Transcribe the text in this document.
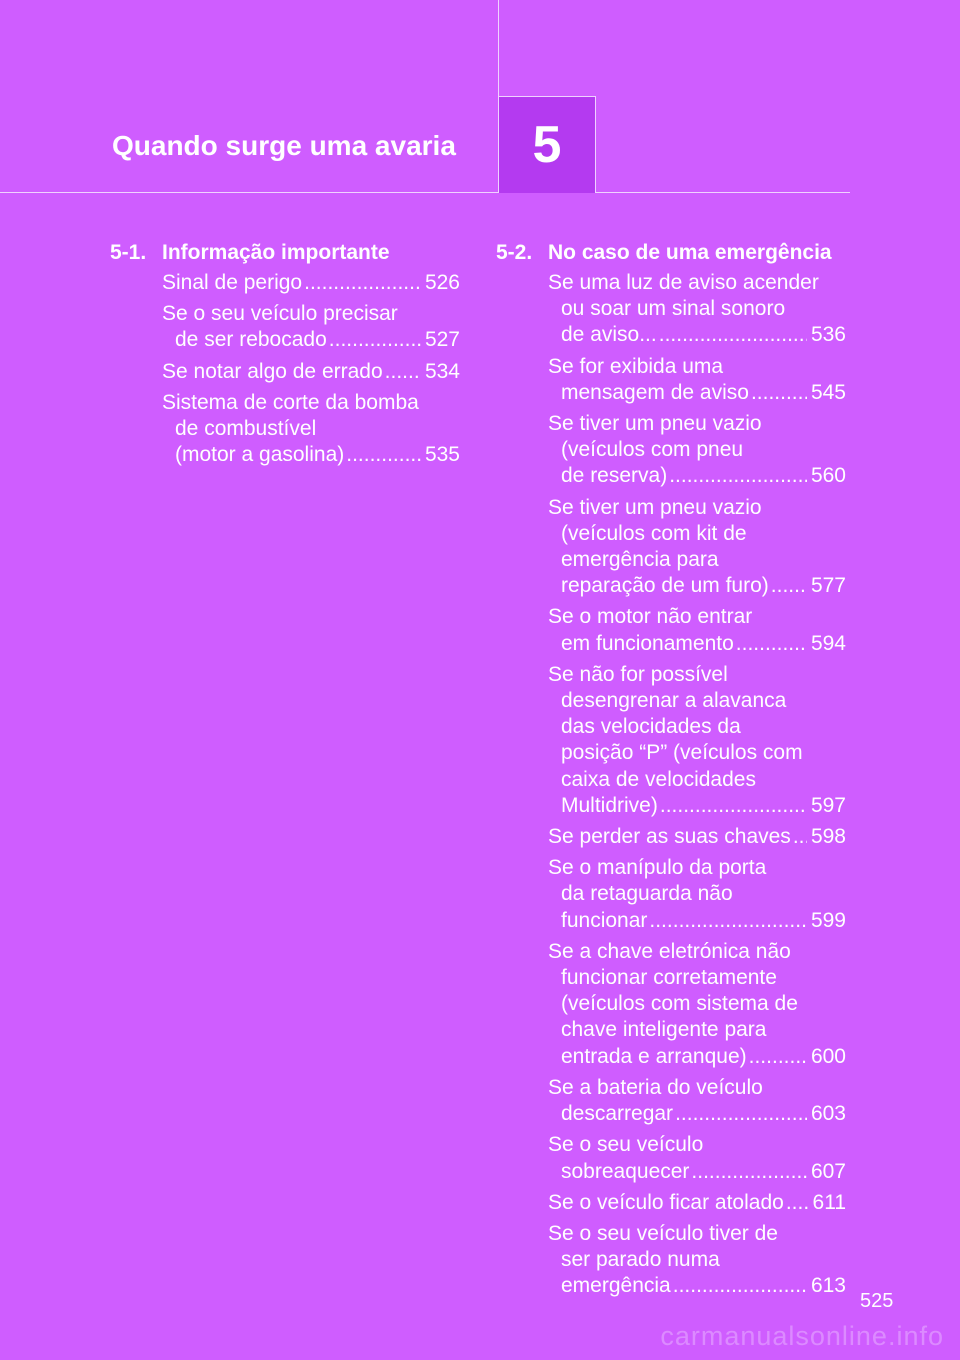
Quando surge uma avaria 5
5-1. Informação importante
Sinal de perigo .....	526
Se o seu veículo precisar
de ser rebocado .....	527
Se notar algo de errado ..... 534
Sistema de corte da bomba
de combustível
(motor a gasolina) .....	535
5-2. No caso de uma emergência
Se uma luz de aviso acender
ou soar um sinal sonoro
de aviso... .....	536
Se for exibida uma
mensagem de aviso .....	545
Se tiver um pneu vazio
(veículos com pneu
de reserva) .....	560
Se tiver um pneu vazio
(veículos com kit de
emergência para
reparação de um furo) ..... 577
Se o motor não entrar
em funcionamento .....	594
Se não for possível
desengrenar a alavanca
das velocidades da
posição “P” (veículos com
caixa de velocidades
Multidrive) .....	597
Se perder as suas chaves ..... 598
Se o manípulo da porta
da retaguarda não
funcionar .....	599
Se a chave eletrónica não
funcionar corretamente
(veículos com sistema de
chave inteligente para
entrada e arranque) .....	600
Se a bateria do veículo
descarregar .....	603
Se o seu veículo
sobreaquecer .....	607
Se o veículo ficar atolado ..... 611
Se o seu veículo tiver de
ser parado numa
emergência .....	613
525
carmanualsonline.info
